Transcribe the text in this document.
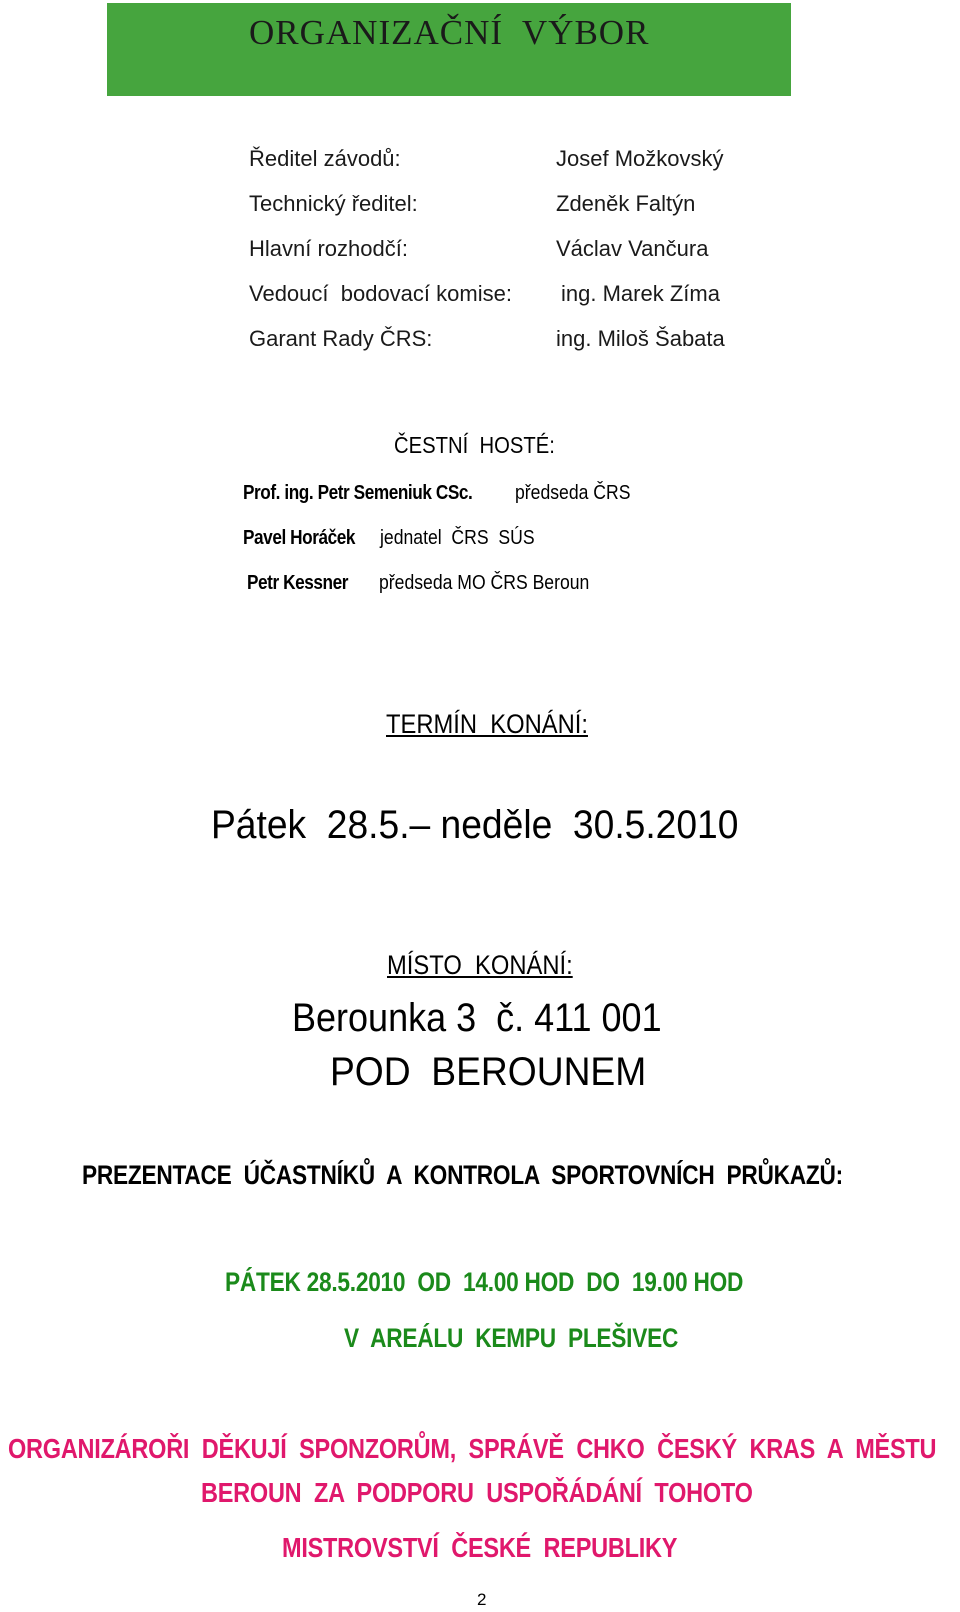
ORGANIZAČNÍ  VÝBOR
Ředitel závodů:	Josef Možkovský
Technický ředitel:	Zdeněk Faltýn
Hlavní rozhodčí:	Václav Vančura
Vedoucí  bodovací komise: ing. Marek Zíma
Garant Rady ČRS:	ing. Miloš Šabata
ČESTNÍ  HOSTÉ:
Prof. ing. Petr Semeniuk CSc. předseda ČRS
Pavel Horáček jednatel  ČRS  SÚS
Petr Kessner předseda MO ČRS Beroun
TERMÍN  KONÁNÍ:
Pátek  28.5.– neděle  30.5.2010
MÍSTO  KONÁNÍ:
Berounka 3  č. 411 001
POD  BEROUNEM
PREZENTACE  ÚČASTNÍKŮ  A  KONTROLA  SPORTOVNÍCH  PRŮKAZŮ:
PÁTEK 28.5.2010  OD  14.00 HOD  DO  19.00 HOD
V  AREÁLU  KEMPU  PLEŠIVEC
ORGANIZÁROŘI  DĚKUJÍ  SPONZORŮM,  SPRÁVĚ  CHKO  ČESKÝ  KRAS  A  MĚSTU
BEROUN  ZA  PODPORU  USPOŘÁDÁNÍ  TOHOTO
MISTROVSTVÍ  ČESKÉ  REPUBLIKY
2
